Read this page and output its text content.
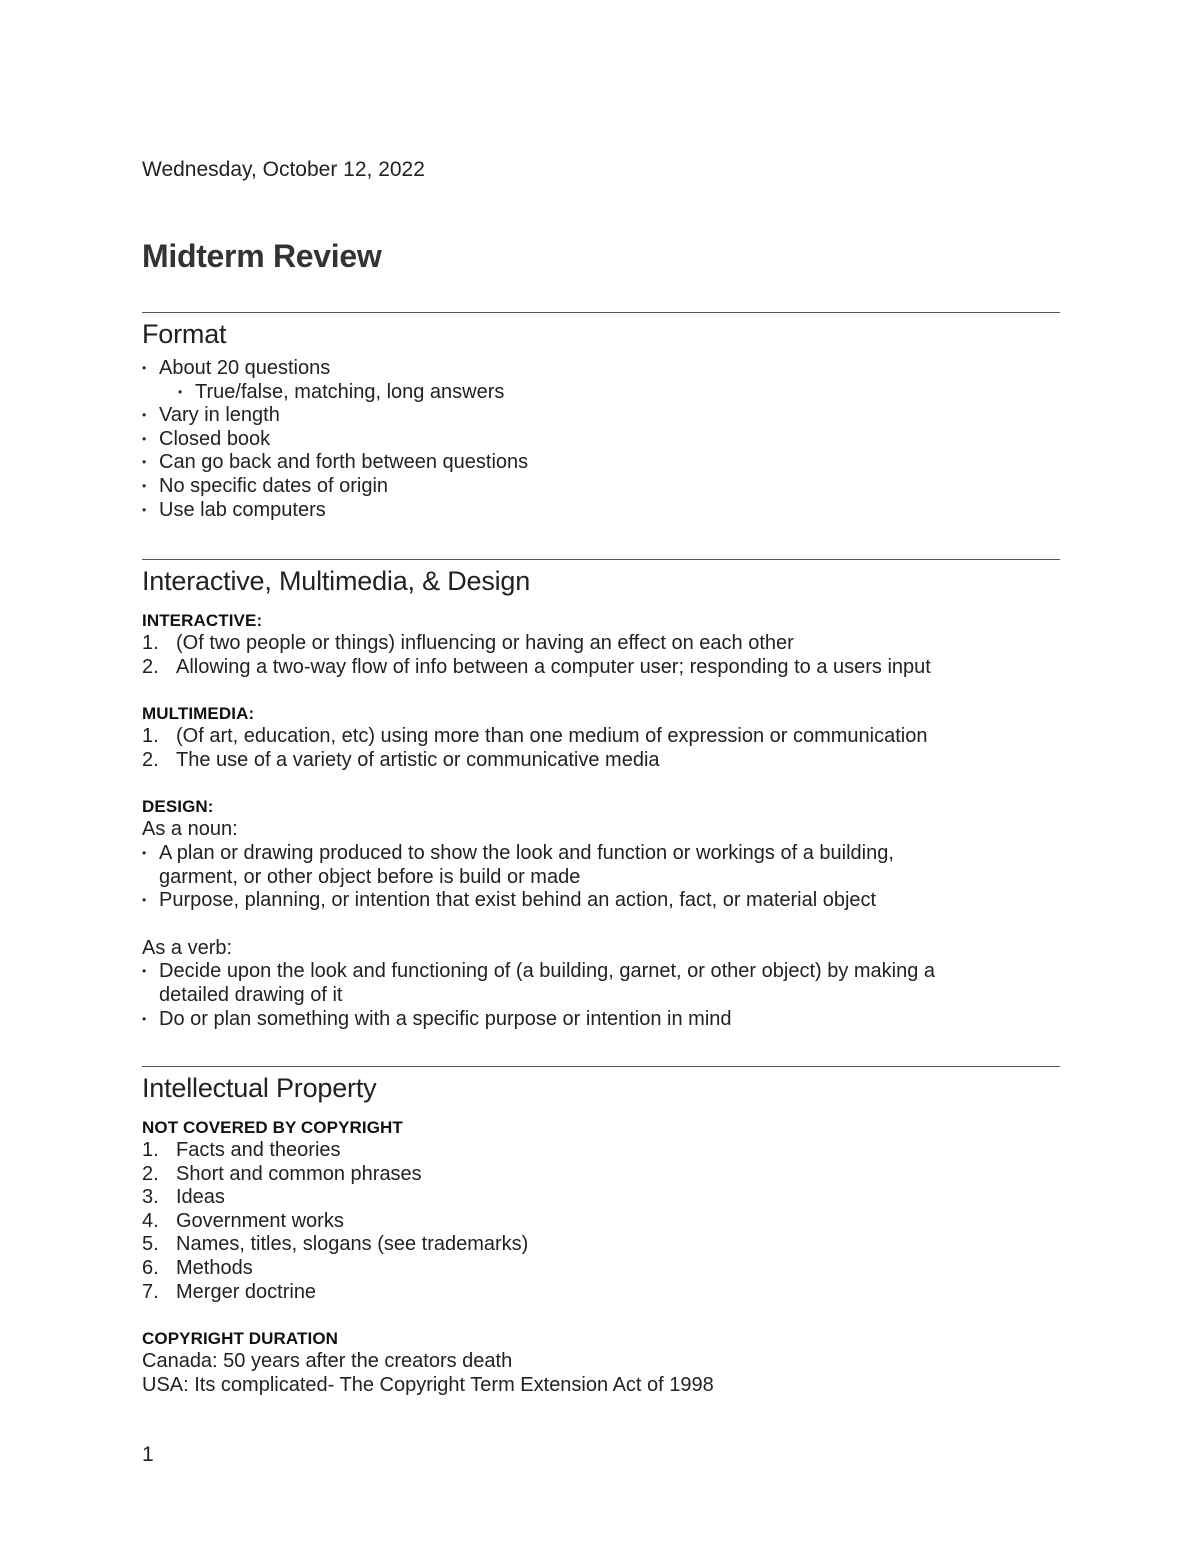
Wednesday, October 12, 2022
Midterm Review
Format
• About 20 questions
• True/false, matching, long answers
• Vary in length
• Closed book
• Can go back and forth between questions
• No specific dates of origin
• Use lab computers
Interactive, Multimedia, & Design
INTERACTIVE:
1. (Of two people or things) influencing or having an effect on each other
2. Allowing a two-way flow of info between a computer user; responding to a users input
MULTIMEDIA:
1. (Of art, education, etc) using more than one medium of expression or communication
2. The use of a variety of artistic or communicative media
DESIGN:
As a noun:
• A plan or drawing produced to show the look and function or workings of a building,
garment, or other object before is build or made
• Purpose, planning, or intention that exist behind an action, fact, or material object
As a verb:
• Decide upon the look and functioning of (a building, garnet, or other object) by making a
detailed drawing of it
• Do or plan something with a specific purpose or intention in mind
Intellectual Property
NOT COVERED BY COPYRIGHT
1. Facts and theories
2. Short and common phrases
3. Ideas
4. Government works
5. Names, titles, slogans (see trademarks)
6. Methods
7. Merger doctrine
COPYRIGHT DURATION
Canada: 50 years after the creators death
USA: Its complicated- The Copyright Term Extension Act of 1998
1
